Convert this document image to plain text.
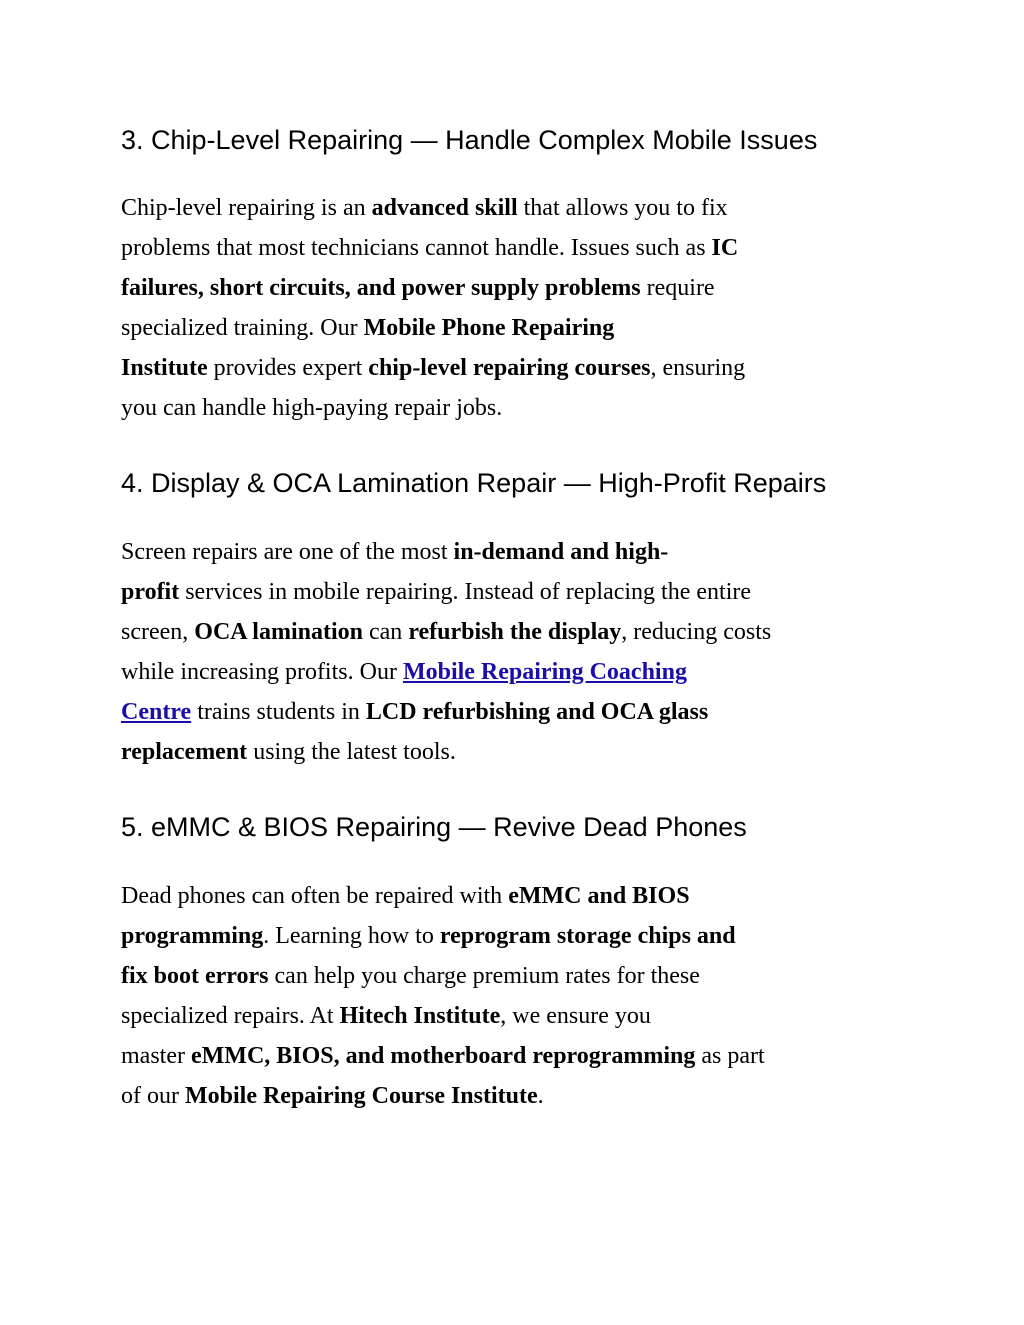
3. Chip-Level Repairing — Handle Complex Mobile Issues

Chip-level repairing is an advanced skill that allows you to fix
problems that most technicians cannot handle. Issues such as IC
failures, short circuits, and power supply problems require
specialized training. Our Mobile Phone Repairing
Institute provides expert chip-level repairing courses, ensuring
you can handle high-paying repair jobs.

4. Display & OCA Lamination Repair — High-Profit Repairs

Screen repairs are one of the most in-demand and high-
profit services in mobile repairing. Instead of replacing the entire
screen, OCA lamination can refurbish the display, reducing costs
while increasing profits. Our Mobile Repairing Coaching
Centre trains students in LCD refurbishing and OCA glass
replacement using the latest tools.

5. eMMC & BIOS Repairing — Revive Dead Phones

Dead phones can often be repaired with eMMC and BIOS
programming. Learning how to reprogram storage chips and
fix boot errors can help you charge premium rates for these
specialized repairs. At Hitech Institute, we ensure you
master eMMC, BIOS, and motherboard reprogramming as part
of our Mobile Repairing Course Institute.
